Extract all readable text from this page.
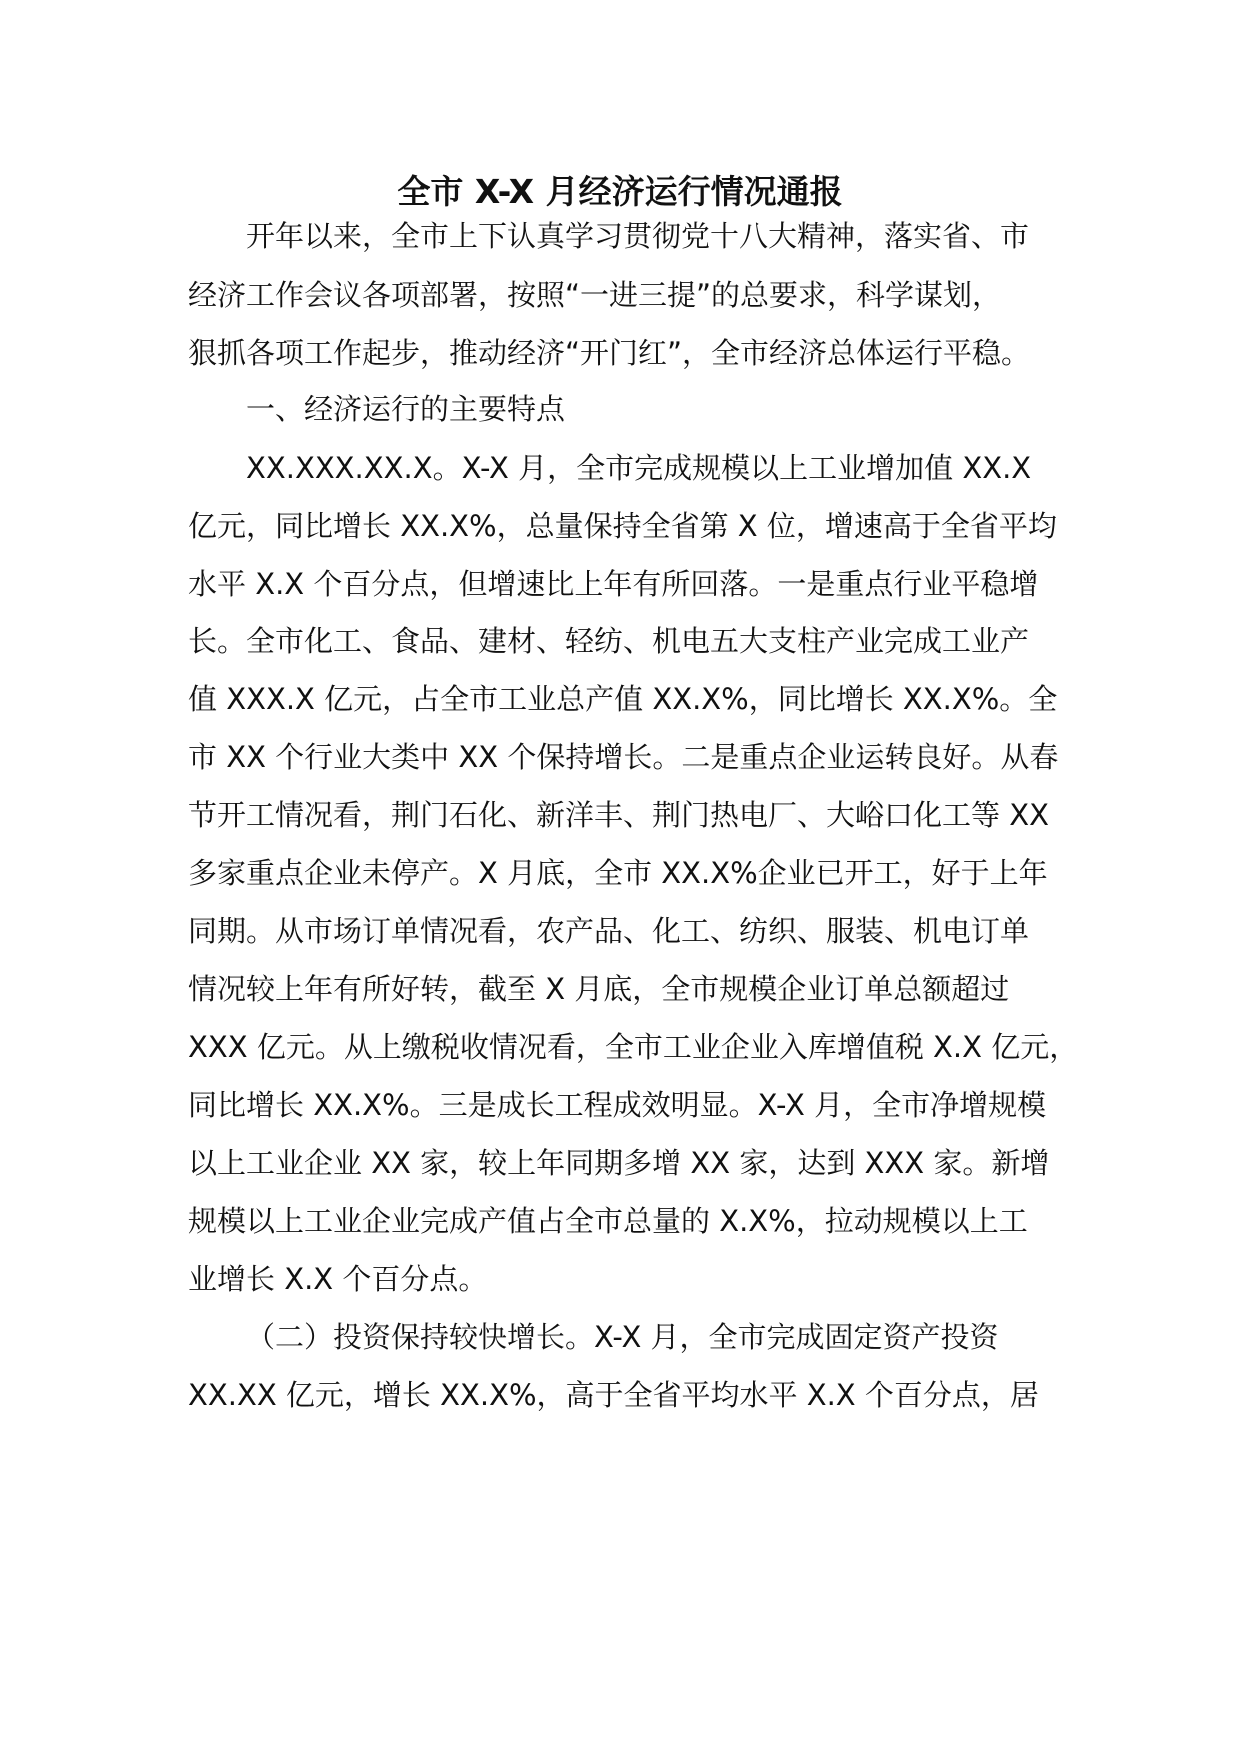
全市 X-X 月经济运行情况通报

开年以来，全市上下认真学习贯彻党十八大精神，落实省、市

经济工作会议各项部署，按照“一进三提”的总要求，科学谋划，

狠抓各项工作起步，推动经济“开门红”，全市经济总体运行平稳。

一、经济运行的主要特点

XX.XXX.XX.X。X-X 月，全市完成规模以上工业增加值 XX.X

亿元，同比增长 XX.X%，总量保持全省第 X 位，增速高于全省平均

水平 X.X 个百分点，但增速比上年有所回落。一是重点行业平稳增

长。全市化工、食品、建材、轻纺、机电五大支柱产业完成工业产

值 XXX.X 亿元，占全市工业总产值 XX.X%，同比增长 XX.X%。全

市 XX 个行业大类中 XX 个保持增长。二是重点企业运转良好。从春

节开工情况看，荆门石化、新洋丰、荆门热电厂、大峪口化工等 XX

多家重点企业未停产。X 月底，全市 XX.X%企业已开工，好于上年

同期。从市场订单情况看，农产品、化工、纺织、服装、机电订单

情况较上年有所好转，截至 X 月底，全市规模企业订单总额超过

XXX 亿元。从上缴税收情况看，全市工业企业入库增值税 X.X 亿元，

同比增长 XX.X%。三是成长工程成效明显。X-X 月，全市净增规模

以上工业企业 XX 家，较上年同期多增 XX 家，达到 XXX 家。新增

规模以上工业企业完成产值占全市总量的 X.X%，拉动规模以上工

业增长 X.X 个百分点。

（二）投资保持较快增长。X-X 月，全市完成固定资产投资

XX.XX 亿元，增长 XX.X%，高于全省平均水平 X.X 个百分点，居
